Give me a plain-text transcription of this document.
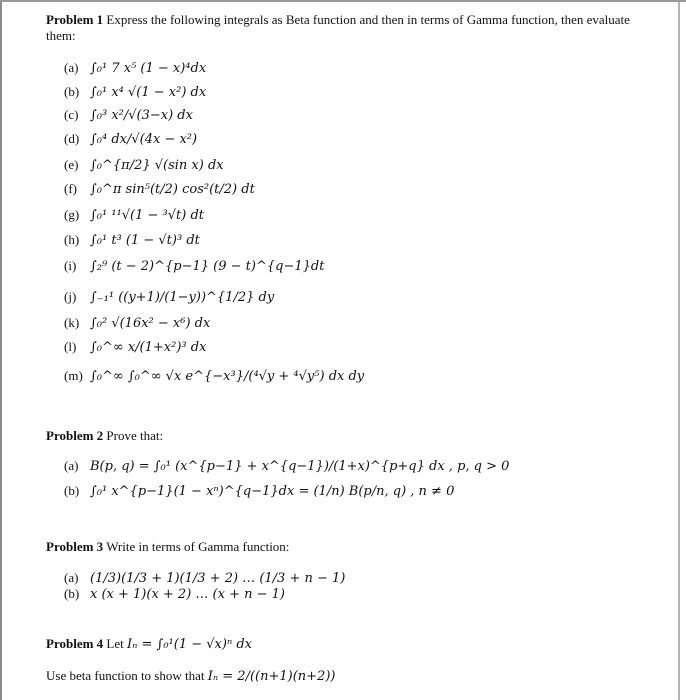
Problem 1 Express the following integrals as Beta function and then in terms of Gamma function, then evaluate
them:
(a) ∫₀¹ 7 x⁵ (1 − x)⁴dx
(b) ∫₀¹ x⁴ √(1 − x²) dx
(c) ∫₀³ x²/√(3−x) dx
(d) ∫₀⁴ dx/√(4x − x²)
(e) ∫₀^{π/2} √(sin x) dx
(f) ∫₀^π sin⁵(t/2) cos²(t/2) dt
(g) ∫₀¹ ¹¹√(1 − ³√t) dt
(h) ∫₀¹ t³ (1 − √t)³ dt
(i) ∫₂⁹ (t − 2)^{p−1} (9 − t)^{q−1}dt
(j) ∫₋₁¹ ((y+1)/(1−y))^{1/2} dy
(k) ∫₀² √(16x² − x⁶) dx
(l) ∫₀^∞ x/(1+x²)³ dx
(m) ∫₀^∞ ∫₀^∞ √x e^{−x³}/(⁴√y + ⁴√y⁵) dx dy
Problem 2 Prove that:
(a) B(p, q) = ∫₀¹ (x^{p−1} + x^{q−1})/(1+x)^{p+q} dx , p, q > 0
(b) ∫₀¹ x^{p−1}(1 − xⁿ)^{q−1}dx = (1/n) B(p/n, q) , n ≠ 0
Problem 3 Write in terms of Gamma function:
(a) (1/3)(1/3 + 1)(1/3 + 2) … (1/3 + n − 1)
(b) x (x + 1)(x + 2) … (x + n − 1)
Problem 4 Let Iₙ = ∫₀¹(1 − √x)ⁿ dx
Use beta function to show that Iₙ = 2/((n+1)(n+2))
